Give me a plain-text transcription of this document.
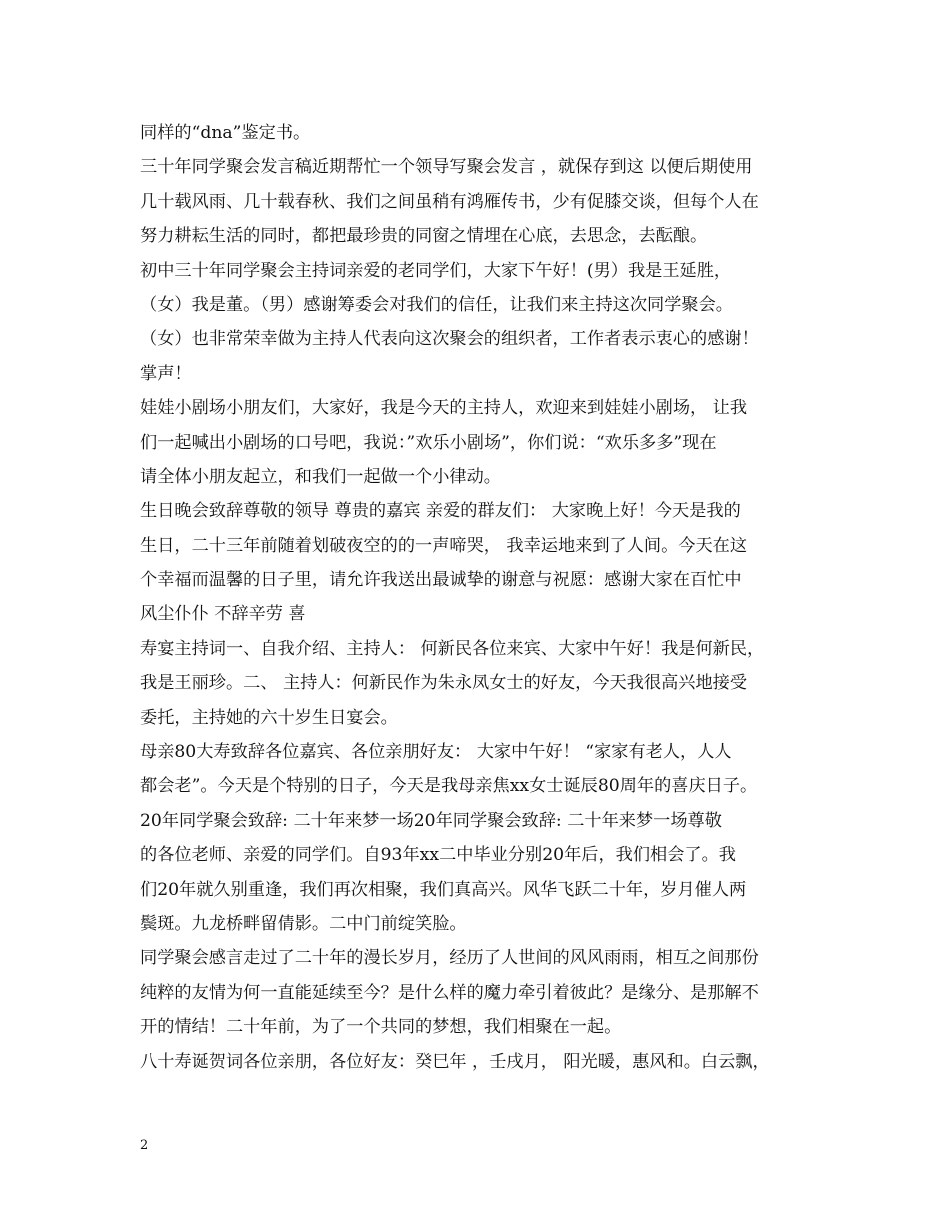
同样的“dna”鉴定书。
三十年同学聚会发言稿近期帮忙一个领导写聚会发言 ，就保存到这 以便后期使用
几十载风雨、几十载春秋、我们之间虽稍有鸿雁传书，少有促膝交谈，但每个人在
努力耕耘生活的同时，都把最珍贵的同窗之情埋在心底，去思念，去酝酿。
初中三十年同学聚会主持词亲爱的老同学们，大家下午好！(男）我是王延胜，
（女）我是董。（男）感谢筹委会对我们的信任，让我们来主持这次同学聚会。
（女）也非常荣幸做为主持人代表向这次聚会的组织者，工作者表示衷心的感谢！
掌声！
娃娃小剧场小朋友们，大家好，我是今天的主持人，欢迎来到娃娃小剧场， 让我
们一起喊出小剧场的口号吧，我说：”欢乐小剧场”，你们说：“欢乐多多”现在
请全体小朋友起立，和我们一起做一个小律动。
生日晚会致辞尊敬的领导 尊贵的嘉宾 亲爱的群友们： 大家晚上好！今天是我的
生日，二十三年前随着划破夜空的的一声啼哭， 我幸运地来到了人间。今天在这
个幸福而温馨的日子里，请允许我送出最诚挚的谢意与祝愿：感谢大家在百忙中
风尘仆仆 不辞辛劳 喜
寿宴主持词一、自我介绍、主持人： 何新民各位来宾、大家中午好！我是何新民，
我是王丽珍。二、 主持人：何新民作为朱永凤女士的好友，今天我很高兴地接受
委托，主持她的六十岁生日宴会。
母亲80大寿致辞各位嘉宾、各位亲朋好友： 大家中午好！ “家家有老人，人人
都会老”。今天是个特别的日子，今天是我母亲焦xx女士诞辰80周年的喜庆日子。
20年同学聚会致辞: 二十年来梦一场20年同学聚会致辞: 二十年来梦一场尊敬
的各位老师、亲爱的同学们。自93年xx二中毕业分别20年后，我们相会了。我
们20年就久别重逢，我们再次相聚，我们真高兴。风华飞跃二十年，岁月催人两
鬓斑。九龙桥畔留倩影。二中门前绽笑脸。
同学聚会感言走过了二十年的漫长岁月，经历了人世间的风风雨雨，相互之间那份
纯粹的友情为何一直能延续至今？是什么样的魔力牵引着彼此？是缘分、是那解不
开的情结！二十年前，为了一个共同的梦想，我们相聚在一起。
八十寿诞贺词各位亲朋，各位好友：癸巳年 ，壬戌月， 阳光暖，惠风和。白云飘，
2
